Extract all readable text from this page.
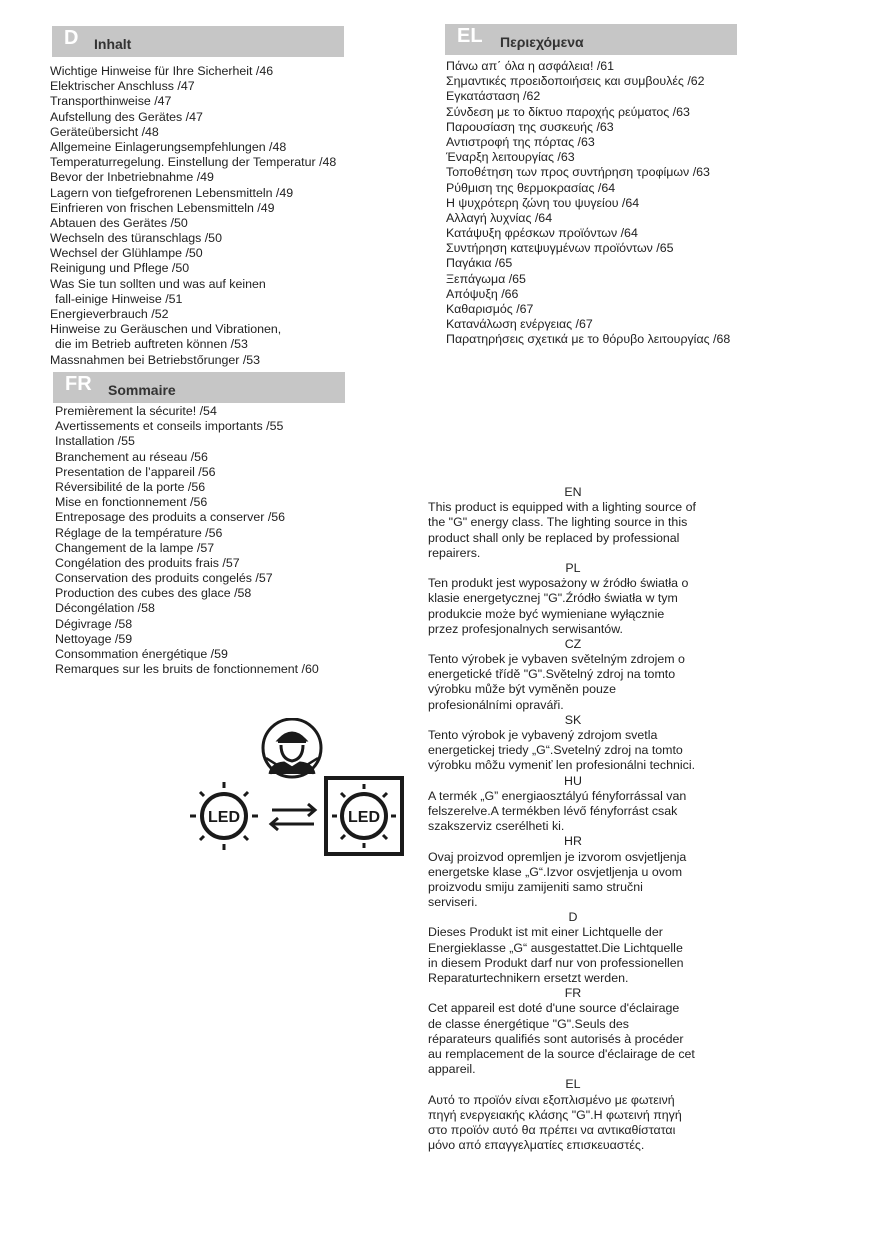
D Inhalt
Wichtige Hinweise für Ihre Sicherheit /46
Elektrischer Anschluss /47
Transporthinweise /47
Aufstellung des Gerätes /47
Geräteübersicht /48
Allgemeine Einlagerungsempfehlungen /48
Temperaturregelung. Einstellung der Temperatur /48
Bevor der Inbetriebnahme /49
Lagern von tiefgefrorenen Lebensmitteln /49
Einfrieren von frischen Lebensmitteln /49
Abtauen des Gerätes /50
Wechseln des türanschlags /50
Wechsel der Glühlampe /50
Reinigung und Pflege /50
Was Sie tun sollten und was auf keinen
fall-einige Hinweise /51
Energieverbrauch /52
Hinweise zu Geräuschen und Vibrationen,
die im Betrieb auftreten können /53
Massnahmen bei Betriebstőrunger /53
FR Sommaire
Premièrement la sécurite! /54
Avertissements et conseils importants /55
Installation /55
Branchement au réseau /56
Presentation de l’appareil /56
Réversibilité de la porte /56
Mise en fonctionnement /56
Entreposage des produits a conserver /56
Réglage de la température /56
Changement de la lampe /57
Congélation des produits frais /57
Conservation des produits congelés /57
Production des cubes des glace /58
Décongélation /58
Dégivrage /58
Nettoyage /59
Consommation énergétique /59
Remarques sur les bruits de fonctionnement /60
EL Περιεχόμενα
Πάνω απ΄ όλα η ασφάλεια! /61
Σημαντικές προειδοποιήσεις και συμβουλές /62
Εγκατάσταση /62
Σύνδεση με το δίκτυο παροχής ρεύματος /63
Παρουσίαση της συσκευής /63
Αντιστροφή της πόρτας /63
Έναρξη λειτουργίας /63
Τοποθέτηση των προς συντήρηση τροφίμων /63
Ρύθμιση της θερμοκρασίας /64
Η ψυχρότερη ζώνη του ψυγείου /64
Αλλαγή λυχνίας /64
Κατάψυξη φρέσκων προϊόντων /64
Συντήρηση κατεψυγμένων προϊόντων /65
Παγάκια /65
Ξεπάγωμα /65
Απόψυξη /66
Καθαρισμός /67
Κατανάλωση ενέργειας /67
Παρατηρήσεις σχετικά με το θόρυβο λειτουργίας /68
EN
This product is equipped with a lighting source of
the "G" energy class. The lighting source in this
product shall only be replaced by professional
repairers.
PL
Ten produkt jest wyposażony w źródło światła o
klasie energetycznej "G".Źródło światła w tym
produkcie może być wymieniane wyłącznie
przez profesjonalnych serwisantów.
CZ
Tento výrobek je vybaven světelným zdrojem o
energetické třídě "G".Světelný zdroj na tomto
výrobku může být vyměněn pouze
profesionálními opraváři.
SK
Tento výrobok je vybavený zdrojom svetla
energetickej triedy „G“.Svetelný zdroj na tomto
výrobku môžu vymeniť len profesionálni technici.
HU
A termék „G” energiaosztályú fényforrással van
felszerelve.A termékben lévő fényforrást csak
szakszerviz cserélheti ki.
HR
Ovaj proizvod opremljen je izvorom osvjetljenja
energetske klase „G“.Izvor osvjetljenja u ovom
proizvodu smiju zamijeniti samo stručni
serviseri.
D
Dieses Produkt ist mit einer Lichtquelle der
Energieklasse „G“ ausgestattet.Die Lichtquelle
in diesem Produkt darf nur von professionellen
Reparaturtechnikern ersetzt werden.
FR
Cet appareil est doté d'une source d'éclairage
de classe énergétique "G".Seuls des
réparateurs qualifiés sont autorisés à procéder
au remplacement de la source d'éclairage de cet
appareil.
EL
Αυτό το προϊόν είναι εξοπλισμένο με φωτεινή
πηγή ενεργειακής κλάσης "G".Η φωτεινή πηγή
στο προϊόν αυτό θα πρέπει να αντικαθίσταται
μόνο από επαγγελματίες επισκευαστές.
LED	LED
